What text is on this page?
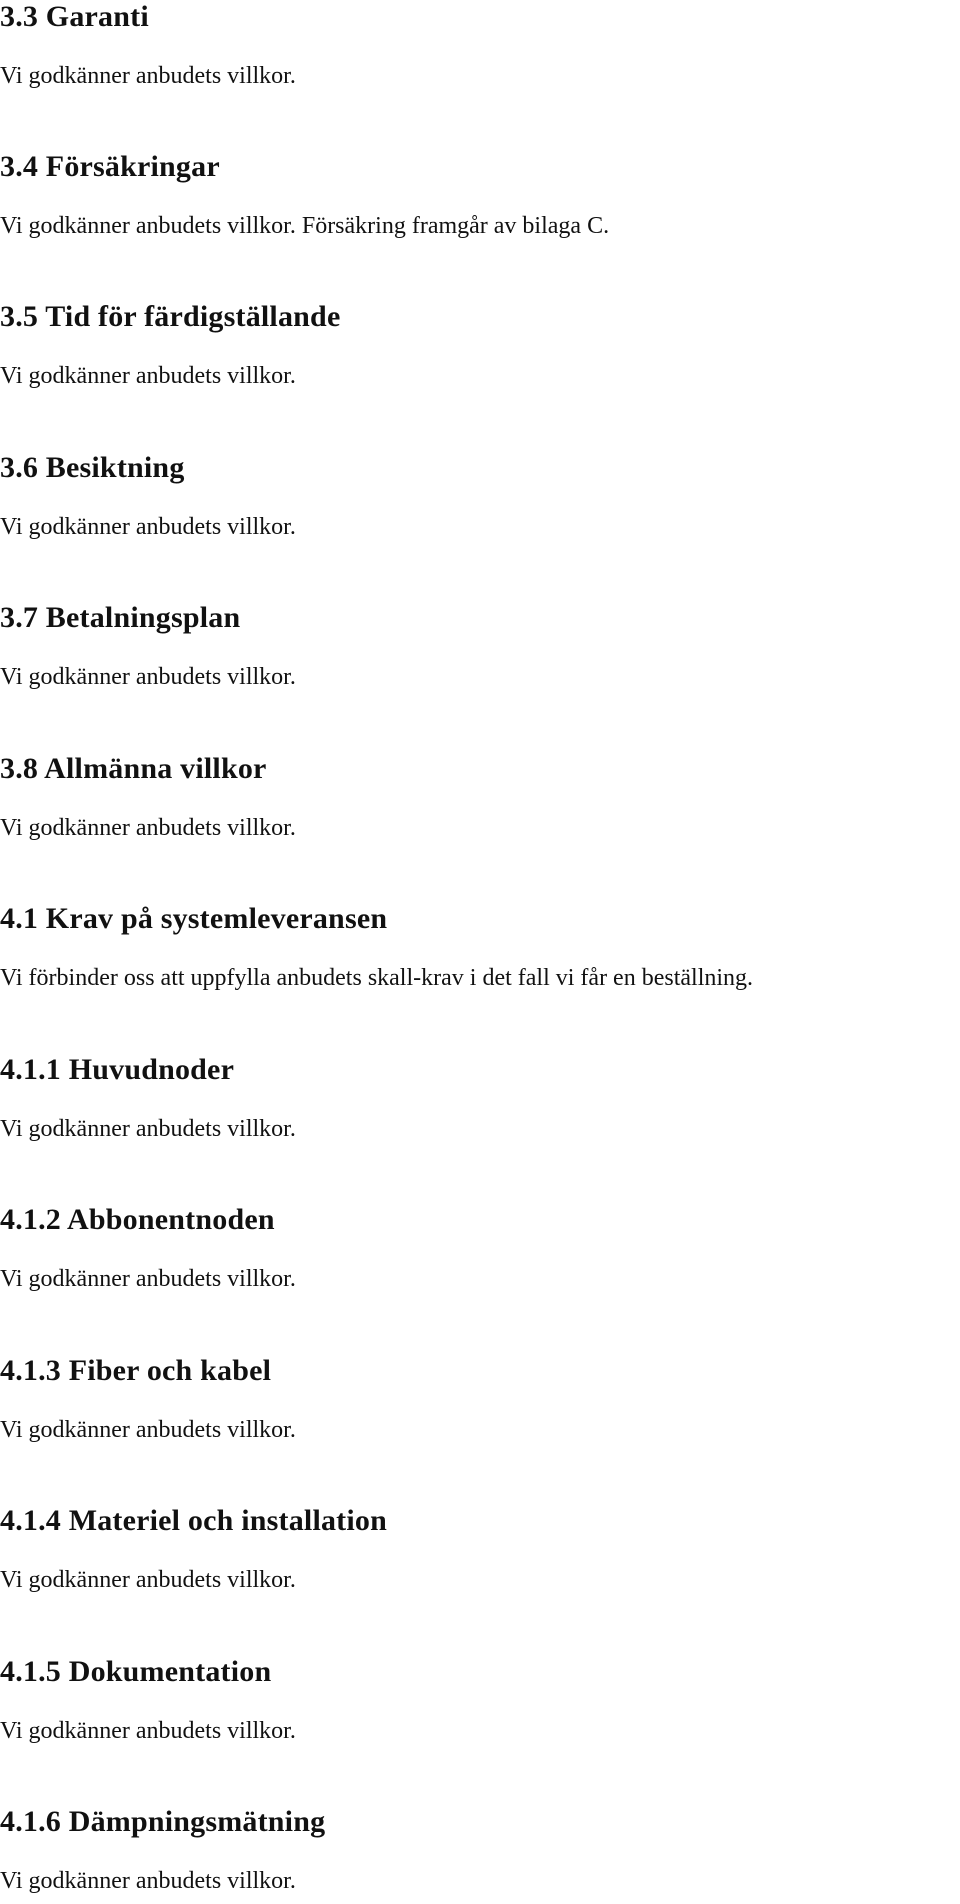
3.3 Garanti

Vi godkänner anbudets villkor.

3.4 Försäkringar

Vi godkänner anbudets villkor. Försäkring framgår av bilaga C.

3.5 Tid för färdigställande

Vi godkänner anbudets villkor.

3.6 Besiktning

Vi godkänner anbudets villkor.

3.7 Betalningsplan

Vi godkänner anbudets villkor.

3.8 Allmänna villkor

Vi godkänner anbudets villkor.

4.1 Krav på systemleveransen

Vi förbinder oss att uppfylla anbudets skall-krav i det fall vi får en beställning.

4.1.1 Huvudnoder

Vi godkänner anbudets villkor.

4.1.2 Abbonentnoden

Vi godkänner anbudets villkor.

4.1.3 Fiber och kabel

Vi godkänner anbudets villkor.

4.1.4 Materiel och installation

Vi godkänner anbudets villkor.

4.1.5 Dokumentation

Vi godkänner anbudets villkor.

4.1.6 Dämpningsmätning

Vi godkänner anbudets villkor.
